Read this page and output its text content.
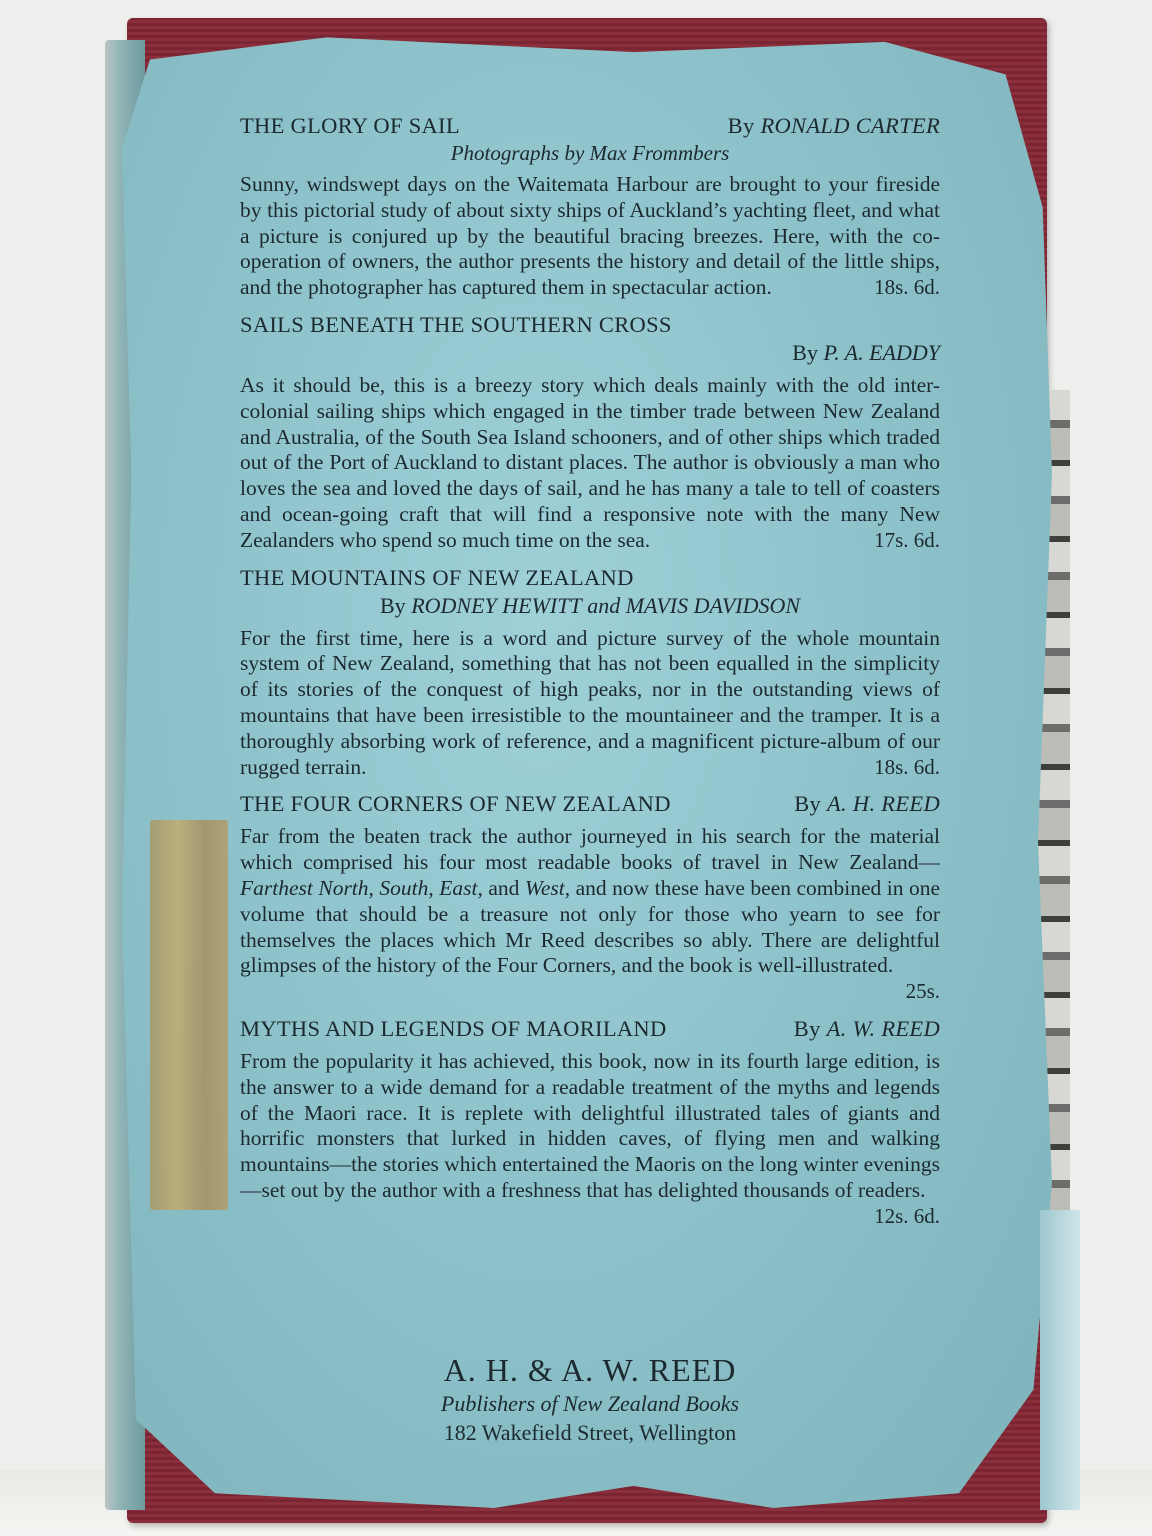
THE GLORY OF SAIL	By RONALD CARTER
Photographs by Max Frommbers
Sunny, windswept days on the Waitemata Harbour are brought to your fireside by this pictorial study of about sixty ships of Auckland’s yachting fleet, and what a picture is conjured up by the beautiful bracing breezes. Here, with the co-operation of owners, the author presents the history and detail of the little ships, and the photographer has captured them in spectacular action.	18s. 6d.
SAILS BENEATH THE SOUTHERN CROSS
By P. A. EADDY
As it should be, this is a breezy story which deals mainly with the old inter-colonial sailing ships which engaged in the timber trade between New Zealand and Australia, of the South Sea Island schooners, and of other ships which traded out of the Port of Auckland to distant places. The author is obviously a man who loves the sea and loved the days of sail, and he has many a tale to tell of coasters and ocean-going craft that will find a responsive note with the many New Zealanders who spend so much time on the sea.	17s. 6d.
THE MOUNTAINS OF NEW ZEALAND
By RODNEY HEWITT and MAVIS DAVIDSON
For the first time, here is a word and picture survey of the whole mountain system of New Zealand, something that has not been equalled in the simplicity of its stories of the conquest of high peaks, nor in the outstanding views of mountains that have been irresistible to the mountaineer and the tramper. It is a thoroughly absorbing work of reference, and a magnificent picture-album of our rugged terrain.	18s. 6d.
THE FOUR CORNERS OF NEW ZEALAND	By A. H. REED
Far from the beaten track the author journeyed in his search for the material which comprised his four most readable books of travel in New Zealand—Farthest North, South, East, and West, and now these have been combined in one volume that should be a treasure not only for those who yearn to see for themselves the places which Mr Reed describes so ably. There are delightful glimpses of the history of the Four Corners, and the book is well-illustrated.
25s.
MYTHS AND LEGENDS OF MAORILAND	By A. W. REED
From the popularity it has achieved, this book, now in its fourth large edition, is the answer to a wide demand for a readable treatment of the myths and legends of the Maori race. It is replete with delightful illustrated tales of giants and horrific monsters that lurked in hidden caves, of flying men and walking mountains—the stories which entertained the Maoris on the long winter evenings—set out by the author with a freshness that has delighted thousands of readers.
12s. 6d.
A. H. & A. W. REED
Publishers of New Zealand Books
182 Wakefield Street, Wellington
